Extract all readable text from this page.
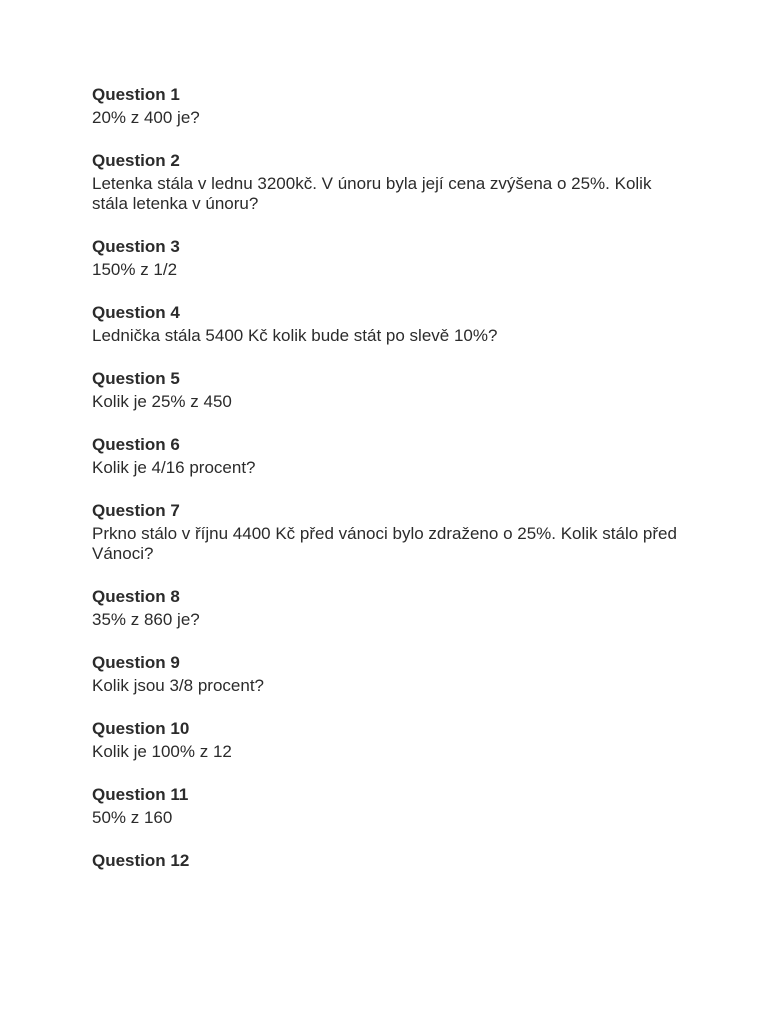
Question 1

20% z 400 je?

Question 2

Letenka stála v lednu 3200kč. V únoru byla její cena zvýšena o 25%. Kolik stála letenka v únoru?

Question 3

150% z 1/2

Question 4

Lednička stála 5400 Kč kolik bude stát po slevě 10%?

Question 5

Kolik je 25% z 450

Question 6

Kolik je 4/16 procent?

Question 7

Prkno stálo v říjnu 4400 Kč před vánoci bylo zdraženo o 25%. Kolik stálo před Vánoci?

Question 8

35% z 860 je?

Question 9

Kolik jsou 3/8 procent?

Question 10

Kolik je 100% z 12

Question 11

50% z 160

Question 12
